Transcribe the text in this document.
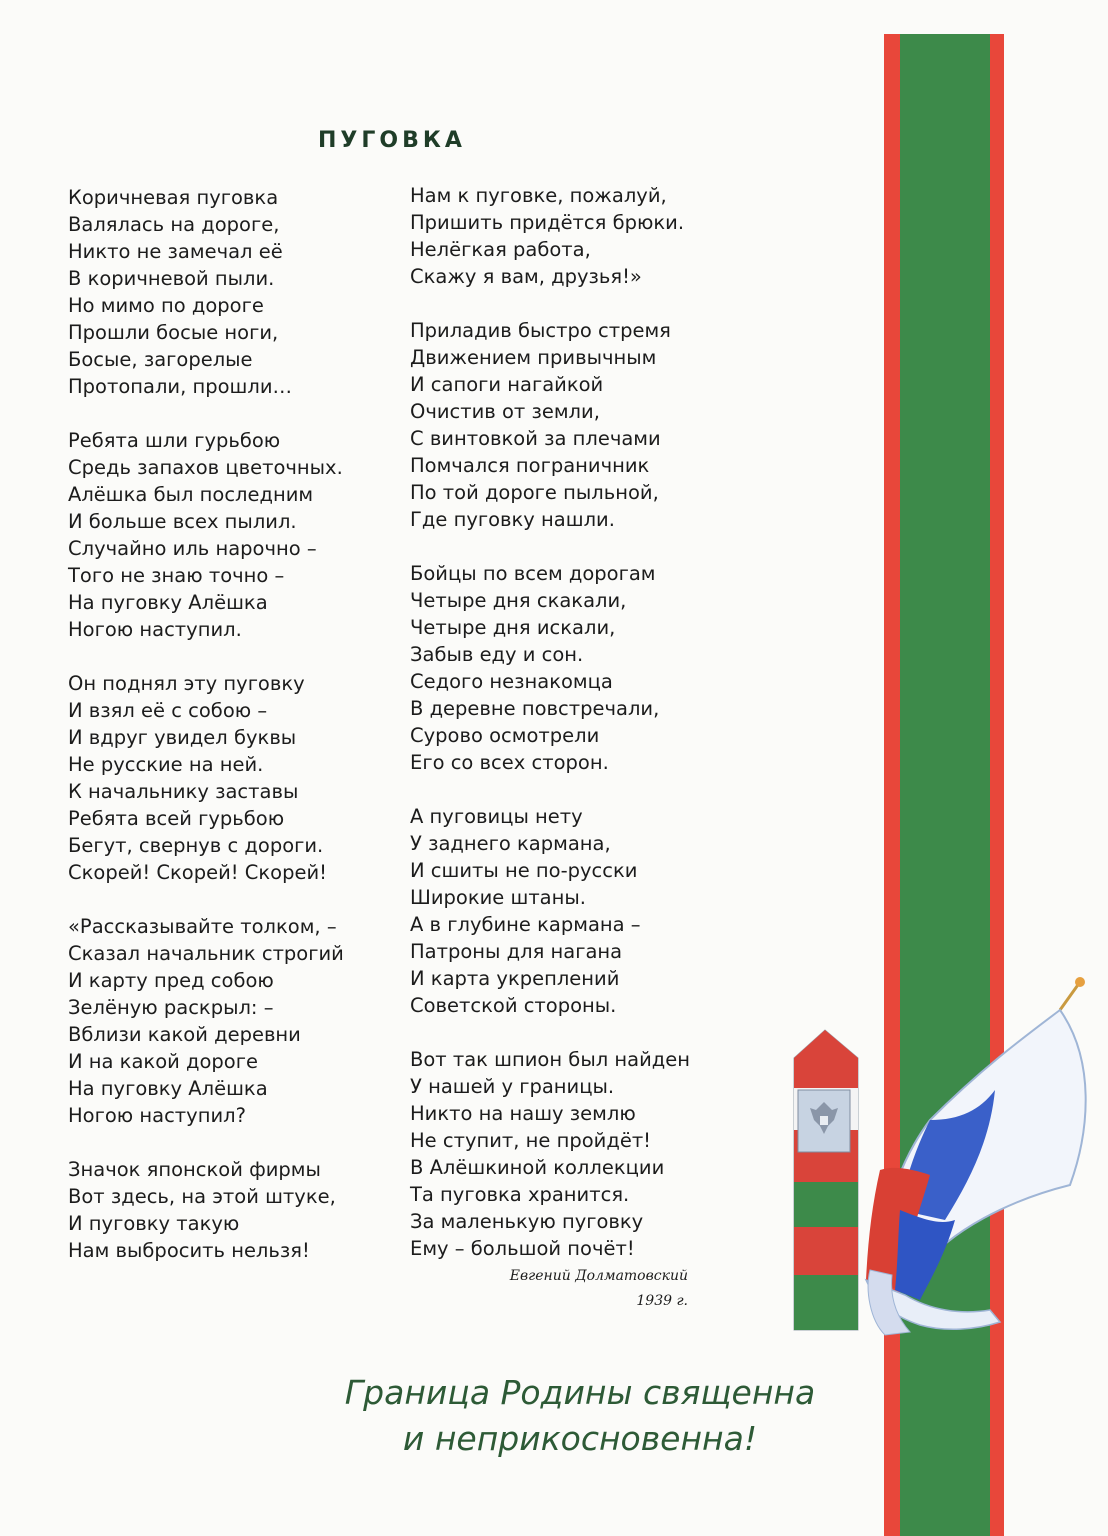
ПУГОВКА
Коричневая пуговка
Валялась на дороге,
Никто не замечал её
В коричневой пыли.
Но мимо по дороге
Прошли босые ноги,
Босые, загорелые
Протопали, прошли…
Ребята шли гурьбою
Средь запахов цветочных.
Алёшка был последним
И больше всех пылил.
Случайно иль нарочно –
Того не знаю точно –
На пуговку Алёшка
Ногою наступил.
Он поднял эту пуговку
И взял её с собою –
И вдруг увидел буквы
Не русские на ней.
К начальнику заставы
Ребята всей гурьбою
Бегут, свернув с дороги.
Скорей! Скорей! Скорей!
«Рассказывайте толком, –
Сказал начальник строгий
И карту пред собою
Зелёную раскрыл: –
Вблизи какой деревни
И на какой дороге
На пуговку Алёшка
Ногою наступил?
Значок японской фирмы
Вот здесь, на этой штуке,
И пуговку такую
Нам выбросить нельзя!
Нам к пуговке, пожалуй,
Пришить придётся брюки.
Нелёгкая работа,
Скажу я вам, друзья!»
Приладив быстро стремя
Движением привычным
И сапоги нагайкой
Очистив от земли,
С винтовкой за плечами
Помчался пограничник
По той дороге пыльной,
Где пуговку нашли.
Бойцы по всем дорогам
Четыре дня скакали,
Четыре дня искали,
Забыв еду и сон.
Седого незнакомца
В деревне повстречали,
Сурово осмотрели
Его со всех сторон.
А пуговицы нету
У заднего кармана,
И сшиты не по-русски
Широкие штаны.
А в глубине кармана –
Патроны для нагана
И карта укреплений
Советской стороны.
Вот так шпион был найден
У нашей у границы.
Никто на нашу землю
Не ступит, не пройдёт!
В Алёшкиной коллекции
Та пуговка хранится.
За маленькую пуговку
Ему – большой почёт!
Евгений Долматовский
1939 г.
Граница Родины священна
и неприкосновенна!
